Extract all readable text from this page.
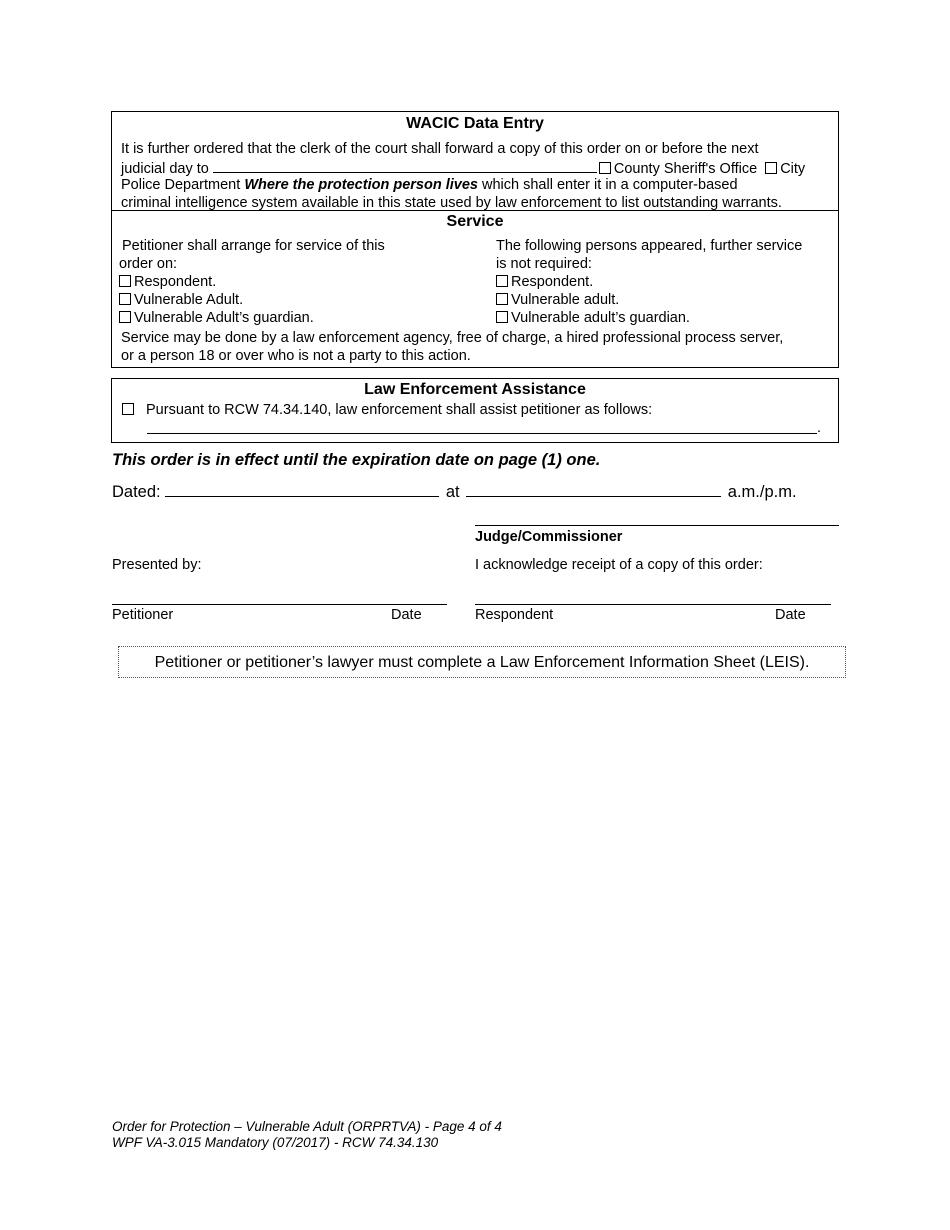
WACIC Data Entry
It is further ordered that the clerk of the court shall forward a copy of this order on or before the next
judicial day to	County Sheriff's Office City
Police Department Where the protection person lives which shall enter it in a computer-based
criminal intelligence system available in this state used by law enforcement to list outstanding warrants.
Service
Petitioner shall arrange for service of this
order on:
Respondent.
Vulnerable Adult.
Vulnerable Adult’s guardian.
The following persons appeared, further service
is not required:
Respondent.
Vulnerable adult.
Vulnerable adult’s guardian.
Service may be done by a law enforcement agency, free of charge, a hired professional process server,
or a person 18 or over who is not a party to this action.
Law Enforcement Assistance
Pursuant to RCW 74.34.140, law enforcement shall assist petitioner as follows:
.
This order is in effect until the expiration date on page (1) one.
Dated:	at	a.m./p.m.
Judge/Commissioner
Presented by:	I acknowledge receipt of a copy of this order:
Petitioner	Date	Respondent	Date
Petitioner or petitioner’s lawyer must complete a Law Enforcement Information Sheet (LEIS).
Order for Protection – Vulnerable Adult (ORPRTVA) - Page 4 of 4
WPF VA-3.015 Mandatory (07/2017) - RCW 74.34.130
